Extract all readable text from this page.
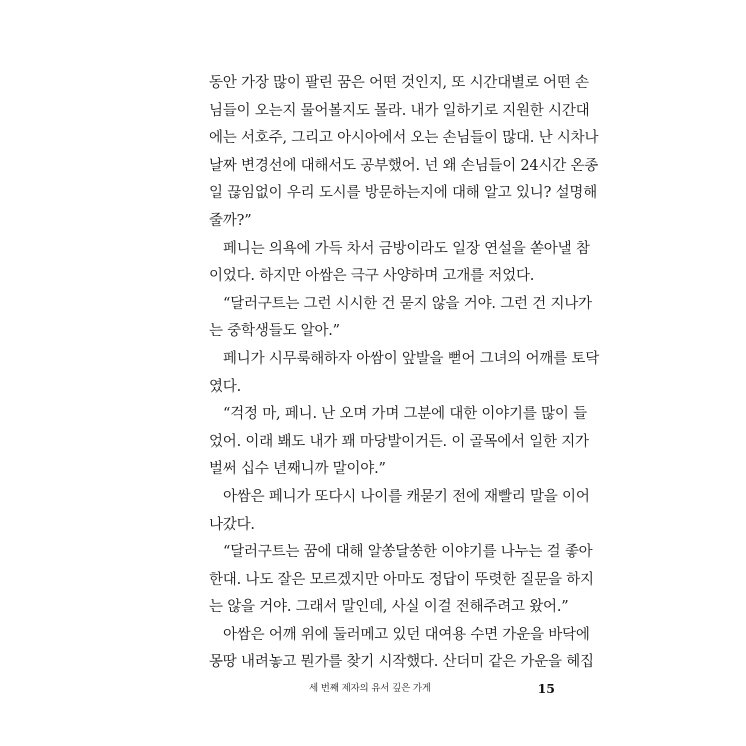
동안 가장 많이 팔린 꿈은 어떤 것인지, 또 시간대별로 어떤 손
님들이 오는지 물어볼지도 몰라. 내가 일하기로 지원한 시간대
에는 서호주, 그리고 아시아에서 오는 손님들이 많대. 난 시차나
날짜 변경선에 대해서도 공부했어. 넌 왜 손님들이 24시간 온종
일 끊임없이 우리 도시를 방문하는지에 대해 알고 있니? 설명해
줄까?”
페니는 의욕에 가득 차서 금방이라도 일장 연설을 쏟아낼 참
이었다. 하지만 아쌈은 극구 사양하며 고개를 저었다.
“달러구트는 그런 시시한 건 묻지 않을 거야. 그런 건 지나가
는 중학생들도 알아.”
페니가 시무룩해하자 아쌈이 앞발을 뻗어 그녀의 어깨를 토닥
였다.
“걱정 마, 페니. 난 오며 가며 그분에 대한 이야기를 많이 들
었어. 이래 봬도 내가 꽤 마당발이거든. 이 골목에서 일한 지가
벌써 십수 년째니까 말이야.”
아쌈은 페니가 또다시 나이를 캐묻기 전에 재빨리 말을 이어
나갔다.
“달러구트는 꿈에 대해 알쏭달쏭한 이야기를 나누는 걸 좋아
한대. 나도 잘은 모르겠지만 아마도 정답이 뚜렷한 질문을 하지
는 않을 거야. 그래서 말인데, 사실 이걸 전해주려고 왔어.”
아쌈은 어깨 위에 둘러메고 있던 대여용 수면 가운을 바닥에
몽땅 내려놓고 뭔가를 찾기 시작했다. 산더미 같은 가운을 헤집
세 번째 제자의 유서 깊은 가게	15
